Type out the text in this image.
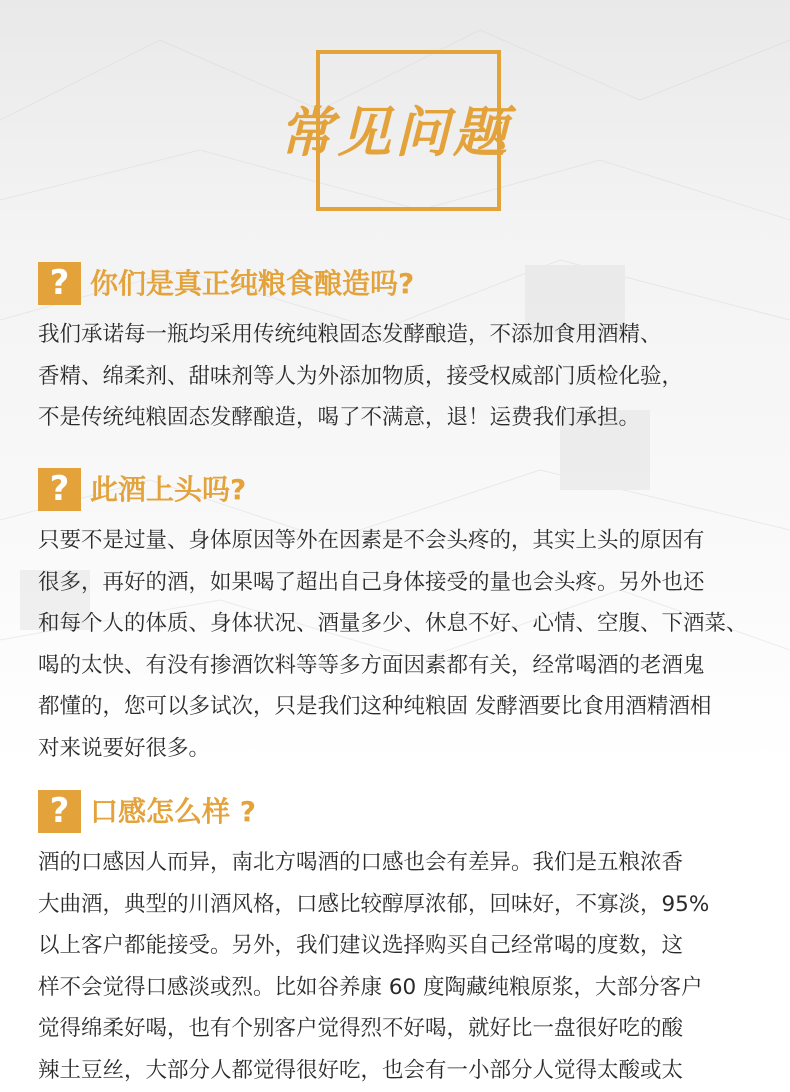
常见问题
? 你们是真正纯粮食酿造吗?

我们承诺每一瓶均采用传统纯粮固态发酵酿造，不添加食用酒精、

香精、绵柔剂、甜味剂等人为外添加物质，接受权威部门质检化验，

不是传统纯粮固态发酵酿造，喝了不满意，退！运费我们承担。

? 此酒上头吗?

只要不是过量、身体原因等外在因素是不会头疼的，其实上头的原因有

很多，再好的酒，如果喝了超出自己身体接受的量也会头疼。另外也还

和每个人的体质、身体状况、酒量多少、休息不好、心情、空腹、下酒菜、

喝的太快、有没有掺酒饮料等等多方面因素都有关，经常喝酒的老酒鬼

都懂的，您可以多试次，只是我们这种纯粮固 发酵酒要比食用酒精酒相

对来说要好很多。

? 口感怎么样 ?

酒的口感因人而异，南北方喝酒的口感也会有差异。我们是五粮浓香

大曲酒，典型的川酒风格，口感比较醇厚浓郁，回味好，不寡淡，95%

以上客户都能接受。另外，我们建议选择购买自己经常喝的度数，这

样不会觉得口感淡或烈。比如谷养康 60 度陶藏纯粮原浆，大部分客户

觉得绵柔好喝，也有个别客户觉得烈不好喝，就好比一盘很好吃的酸

辣土豆丝，大部分人都觉得很好吃，也会有一小部分人觉得太酸或太
